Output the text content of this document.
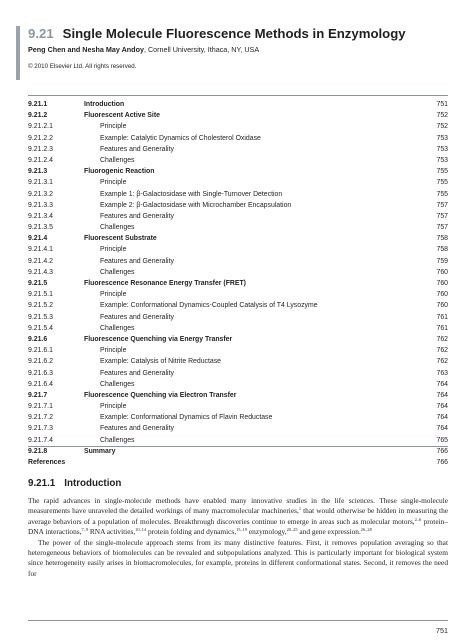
9.21 Single Molecule Fluorescence Methods in Enzymology
Peng Chen and Nesha May Andoy, Cornell University, Ithaca, NY, USA
© 2010 Elsevier Ltd. All rights reserved.
9.21.1	Introduction	751
9.21.2	Fluorescent Active Site	752
9.21.2.1	Principle	752
9.21.2.2	Example: Catalytic Dynamics of Cholesterol Oxidase	753
9.21.2.3	Features and Generality	753
9.21.2.4	Challenges	753
9.21.3	Fluorogenic Reaction	755
9.21.3.1	Principle	755
9.21.3.2	Example 1: β-Galactosidase with Single-Turnover Detection	755
9.21.3.3	Example 2: β-Galactosidase with Microchamber Encapsulation	757
9.21.3.4	Features and Generality	757
9.21.3.5	Challenges	757
9.21.4	Fluorescent Substrate	758
9.21.4.1	Principle	758
9.21.4.2	Features and Generality	759
9.21.4.3	Challenges	760
9.21.5	Fluorescence Resonance Energy Transfer (FRET)	760
9.21.5.1	Principle	760
9.21.5.2	Example: Conformational Dynamics-Coupled Catalysis of T4 Lysozyme	760
9.21.5.3	Features and Generality	761
9.21.5.4	Challenges	761
9.21.6	Fluorescence Quenching via Energy Transfer	762
9.21.6.1	Principle	762
9.21.6.2	Example: Catalysis of Nitrite Reductase	762
9.21.6.3	Features and Generality	763
9.21.6.4	Challenges	764
9.21.7	Fluorescence Quenching via Electron Transfer	764
9.21.7.1	Principle	764
9.21.7.2	Example: Conformational Dynamics of Flavin Reductase	764
9.21.7.3	Features and Generality	764
9.21.7.4	Challenges	765
9.21.8	Summary	766
References	766
9.21.1 Introduction

The rapid advances in single-molecule methods have enabled many innovative studies in the life sciences. These single-molecule measurements have unraveled the detailed workings of many macromolecular machineries,$^1$ that would otherwise be hidden in measuring the average behaviors of a population of molecules. Breakthrough discoveries continue to emerge in areas such as molecular motors,$^{2-6}$ protein–DNA interactions,$^{7-9}$ RNA activities,$^{10-14}$ protein folding and dynamics,$^{15-19}$ enzymology,$^{20-25}$ and gene expression.$^{26-28}$

The power of the single-molecule approach stems from its many distinctive features. First, it removes population averaging so that heterogeneous behaviors of biomolecules can be revealed and subpopulations analyzed. This is particularly important for biological system since heterogeneity easily arises in biomacromolecules, for example, proteins in different conformational states. Second, it removes the need for

751
